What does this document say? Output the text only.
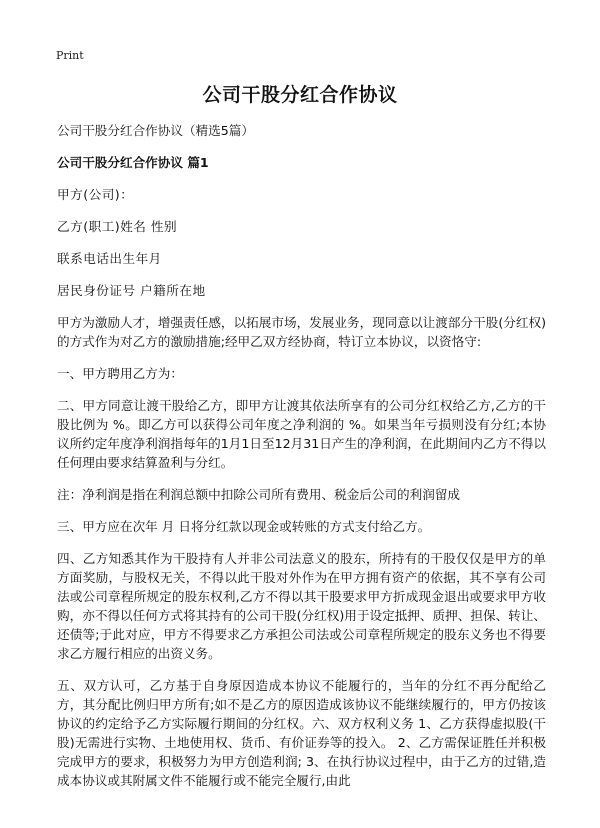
Print
公司干股分红合作协议

公司干股分红合作协议（精选5篇）

公司干股分红合作协议 篇1

甲方(公司)：

乙方(职工)姓名 性别

联系电话出生年月

居民身份证号 户籍所在地

甲方为激励人才，增强责任感，以拓展市场，发展业务，现同意以让渡部分干股(分红权)的方式作为对乙方的激励措施;经甲乙双方经协商，特订立本协议，以资恪守:

一、甲方聘用乙方为：

二、甲方同意让渡干股给乙方，即甲方让渡其依法所享有的公司分红权给乙方,乙方的干股比例为 %。即乙方可以获得公司年度之净利润的 %。如果当年亏损则没有分红;本协议所约定年度净利润指每年的1月1日至12月31日产生的净利润，在此期间内乙方不得以任何理由要求结算盈利与分红。

注：净利润是指在利润总额中扣除公司所有费用、税金后公司的利润留成

三、甲方应在次年 月 日将分红款以现金或转账的方式支付给乙方。

四、乙方知悉其作为干股持有人并非公司法意义的股东，所持有的干股仅仅是甲方的单方面奖励，与股权无关，不得以此干股对外作为在甲方拥有资产的依据，其不享有公司法或公司章程所规定的股东权利,乙方不得以其干股要求甲方折成现金退出或要求甲方收购，亦不得以任何方式将其持有的公司干股(分红权)用于设定抵押、质押、担保、转让、还债等;于此对应，甲方不得要求乙方承担公司法或公司章程所规定的股东义务也不得要求乙方履行相应的出资义务。

五、双方认可，乙方基于自身原因造成本协议不能履行的，当年的分红不再分配给乙方，其分配比例归甲方所有;如不是乙方的原因造成该协议不能继续履行的，甲方仍按该协议的约定给予乙方实际履行期间的分红权。六、双方权利义务 1、乙方获得虚拟股(干股)无需进行实物、土地使用权、货币、有价证券等的投入。 2、乙方需保证胜任并积极完成甲方的要求，积极努力为甲方创造利润; 3、在执行协议过程中，由于乙方的过错,造成本协议或其附属文件不能履行或不能完全履行,由此
